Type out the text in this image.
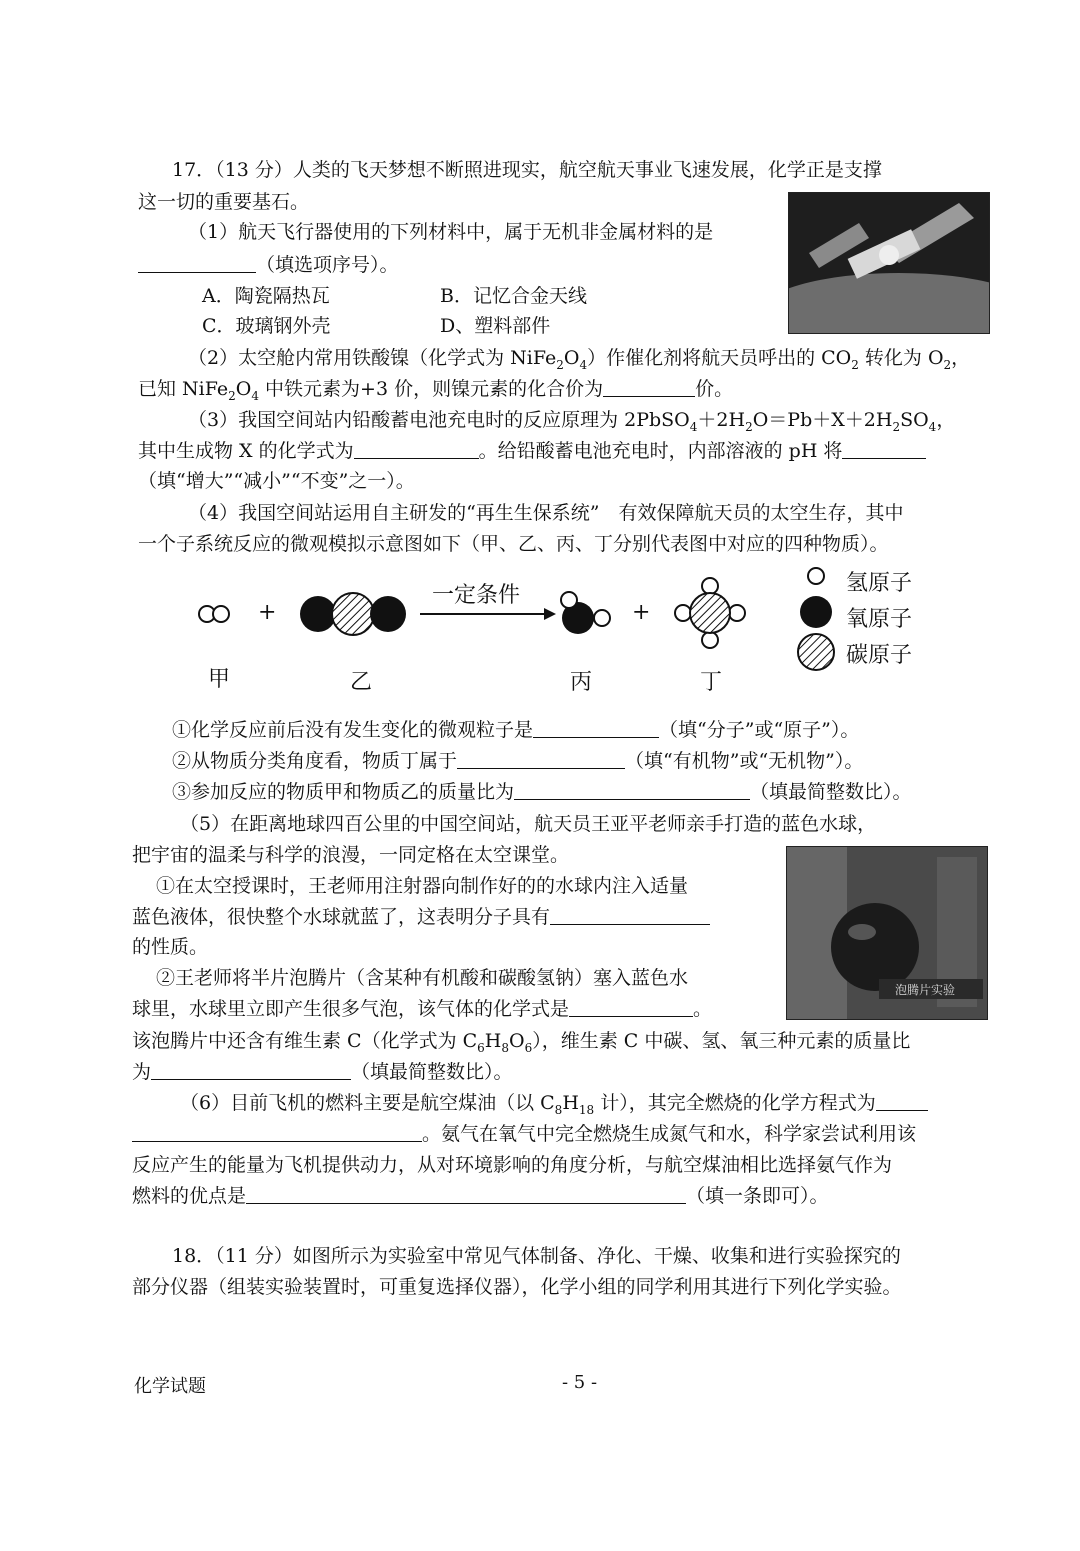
17．（13 分）人类的飞天梦想不断照进现实，航空航天事业飞速发展，化学正是支撑
这一切的重要基石。
（1）航天飞行器使用的下列材料中，属于无机非金属材料的是
（填选项序号）。
A．陶瓷隔热瓦	B．记忆合金天线
C．玻璃钢外壳	D、塑料部件
（2）太空舱内常用铁酸镍（化学式为 $NiFe_2O_4$）作催化剂将航天员呼出的 $CO_2$ 转化为 $O_2$，
已知 $NiFe_2O_4$ 中铁元素为+3 价，则镍元素的化合价为	价。
（3）我国空间站内铅酸蓄电池充电时的反应原理为 $2PbSO_4+2H_2O=Pb+X+2H_2SO_4$，
其中生成物 X 的化学式为	。给铅酸蓄电池充电时，内部溶液的 pH 将
（填“增大”“减小”“不变”之一）。
（4）我国空间站运用自主研发的“再生生保系统”　有效保障航天员的太空生存，其中
一个子系统反应的微观模拟示意图如下（甲、乙、丙、丁分别代表图中对应的四种物质）。
+	+
一定条件
甲	乙	丙	丁
氢原子
氧原子
碳原子
①化学反应前后没有发生变化的微观粒子是	（填“分子”或“原子”）。
②从物质分类角度看，物质丁属于	（填“有机物”或“无机物”）。
③参加反应的物质甲和物质乙的质量比为	（填最简整数比）。
（5）在距离地球四百公里的中国空间站，航天员王亚平老师亲手打造的蓝色水球，
把宇宙的温柔与科学的浪漫，一同定格在太空课堂。
泡腾片实验
①在太空授课时，王老师用注射器向制作好的的水球内注入适量
蓝色液体，很快整个水球就蓝了，这表明分子具有
的性质。
②王老师将半片泡腾片（含某种有机酸和碳酸氢钠）塞入蓝色水
球里，水球里立即产生很多气泡，该气体的化学式是	。
该泡腾片中还含有维生素 C（化学式为 $C_6H_8O_6$），维生素 C 中碳、氢、氧三种元素的质量比
为	（填最简整数比）。
（6）目前飞机的燃料主要是航空煤油（以 $C_8H_{18}$ 计），其完全燃烧的化学方程式为
。氨气在氧气中完全燃烧生成氮气和水，科学家尝试利用该
反应产生的能量为飞机提供动力，从对环境影响的角度分析，与航空煤油相比选择氨气作为
燃料的优点是	（填一条即可）。
18．（11 分）如图所示为实验室中常见气体制备、净化、干燥、收集和进行实验探究的
部分仪器（组装实验装置时，可重复选择仪器），化学小组的同学利用其进行下列化学实验。
化学试题	- 5 -
